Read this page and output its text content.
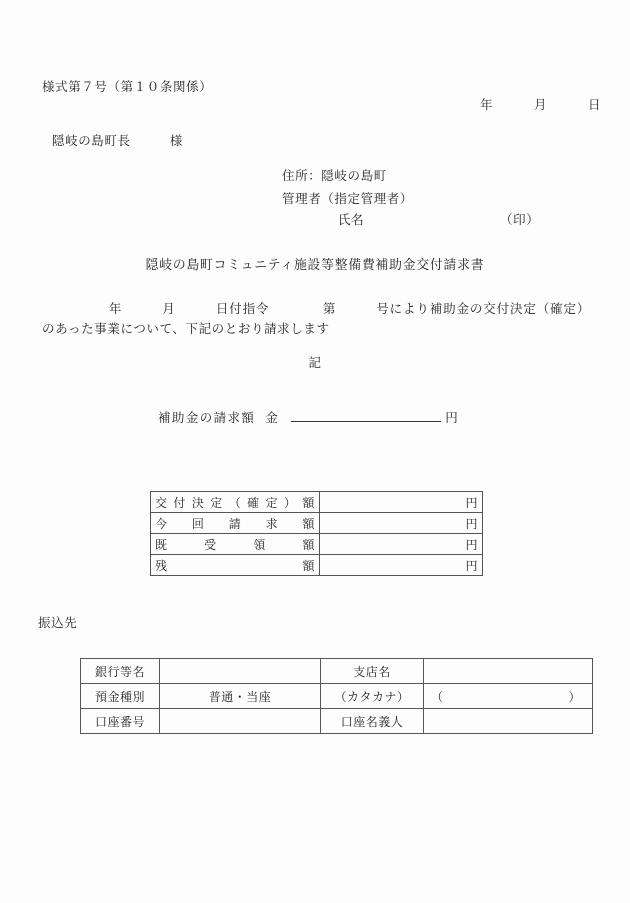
様式第７号（第１０条関係）
年　　　月　　　日
隠岐の島町長　　　様
住所：隠岐の島町
管理者（指定管理者）
氏名	（印）
隠岐の島町コミュニティ施設等整備費補助金交付請求書
　　　　　年　　　月　　　日付指令　　　　第　　　号により補助金の交付決定（確定）のあった事業について、下記のとおり請求します
記
補助金の請求額 金	円
交付決定（確定）額	円
今回請求額	円
既受領額	円
残額	円
振込先
銀行等名		支店名	
預金種別	普通・当座	（カタカナ）	（ ）

口座番号		口座名義人	
